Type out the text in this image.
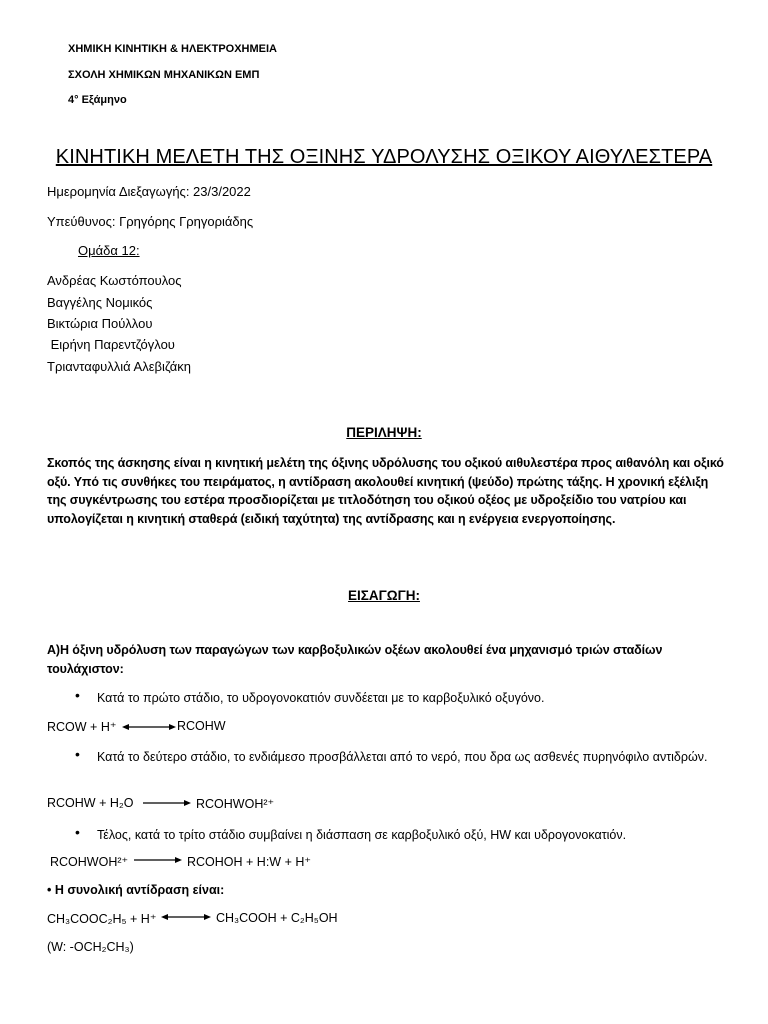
ΧΗΜΙΚΗ ΚΙΝΗΤΙΚΗ & ΗΛΕΚΤΡΟΧΗΜΕΙΑ
ΣΧΟΛΗ ΧΗΜΙΚΩΝ ΜΗΧΑΝΙΚΩΝ ΕΜΠ
4° Εξάμηνο
ΚΙΝΗΤΙΚΗ ΜΕΛΕΤΗ ΤΗΣ ΟΞΙΝΗΣ ΥΔΡΟΛΥΣΗΣ ΟΞΙΚΟΥ ΑΙΘΥΛΕΣΤΕΡΑ
Ημερομηνία Διεξαγωγής: 23/3/2022
Υπεύθυνος: Γρηγόρης Γρηγοριάδης
Ομάδα 12:
Ανδρέας Κωστόπουλος
Βαγγέλης Νομικός
Βικτώρια Πούλλου
Ειρήνη Παρεντζόγλου
Τριανταφυλλιά Αλεβιζάκη
ΠΕΡΙΛΗΨΗ:
Σκοπός της άσκησης είναι η κινητική μελέτη της όξινης υδρόλυσης του οξικού αιθυλεστέρα προς αιθανόλη και οξικό οξύ. Υπό τις συνθήκες του πειράματος, η αντίδραση ακολουθεί κινητική (ψεύδο) πρώτης τάξης. Η χρονική εξέλιξη της συγκέντρωσης του εστέρα προσδιορίζεται με τιτλοδότηση του οξικού οξέος με υδροξείδιο του νατρίου και υπολογίζεται η κινητική σταθερά (ειδική ταχύτητα) της αντίδρασης και η ενέργεια ενεργοποίησης.
ΕΙΣΑΓΩΓΗ:
Α)Η όξινη υδρόλυση των παραγώγων των καρβοξυλικών οξέων ακολουθεί ένα μηχανισμό τριών σταδίων τουλάχιστον:
• Κατά το πρώτο στάδιο, το υδρογονοκατιόν συνδέεται με το καρβοξυλικό οξυγόνο.
RCOW + H⁺	RCOHW
• Κατά το δεύτερο στάδιο, το ενδιάμεσο προσβάλλεται από το νερό, που δρα ως ασθενές πυρηνόφιλο αντιδρών.
RCOHW + H₂O	RCOHWOH²⁺
• Τέλος, κατά το τρίτο στάδιο συμβαίνει η διάσπαση σε καρβοξυλικό οξύ, HW και υδρογονοκατιόν.
RCOHWOH²⁺	RCOHOH + H:W + H⁺
• Η συνολική αντίδραση είναι:
CH₃COOC₂H₅ + H⁺	CH₃COOH + C₂H₅OH
(W: -OCH₂CH₃)
